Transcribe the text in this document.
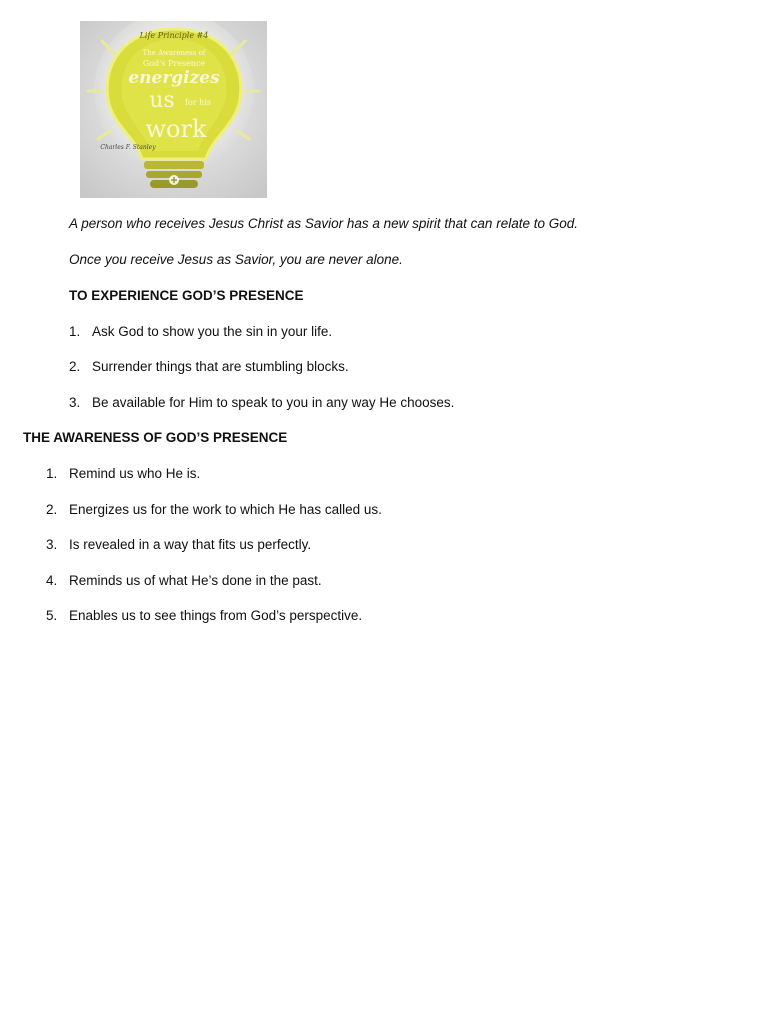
Life Principle #4
The Awareness of
God's Presence
energizes
us for his
work
Charles F. Stanley
A person who receives Jesus Christ as Savior has a new spirit that can relate to God.
Once you receive Jesus as Savior, you are never alone.
TO EXPERIENCE GOD’S PRESENCE
1. Ask God to show you the sin in your life.
2. Surrender things that are stumbling blocks.
3. Be available for Him to speak to you in any way He chooses.
THE AWARENESS OF GOD’S PRESENCE
1. Remind us who He is.
2. Energizes us for the work to which He has called us.
3. Is revealed in a way that fits us perfectly.
4. Reminds us of what He’s done in the past.
5. Enables us to see things from God’s perspective.
